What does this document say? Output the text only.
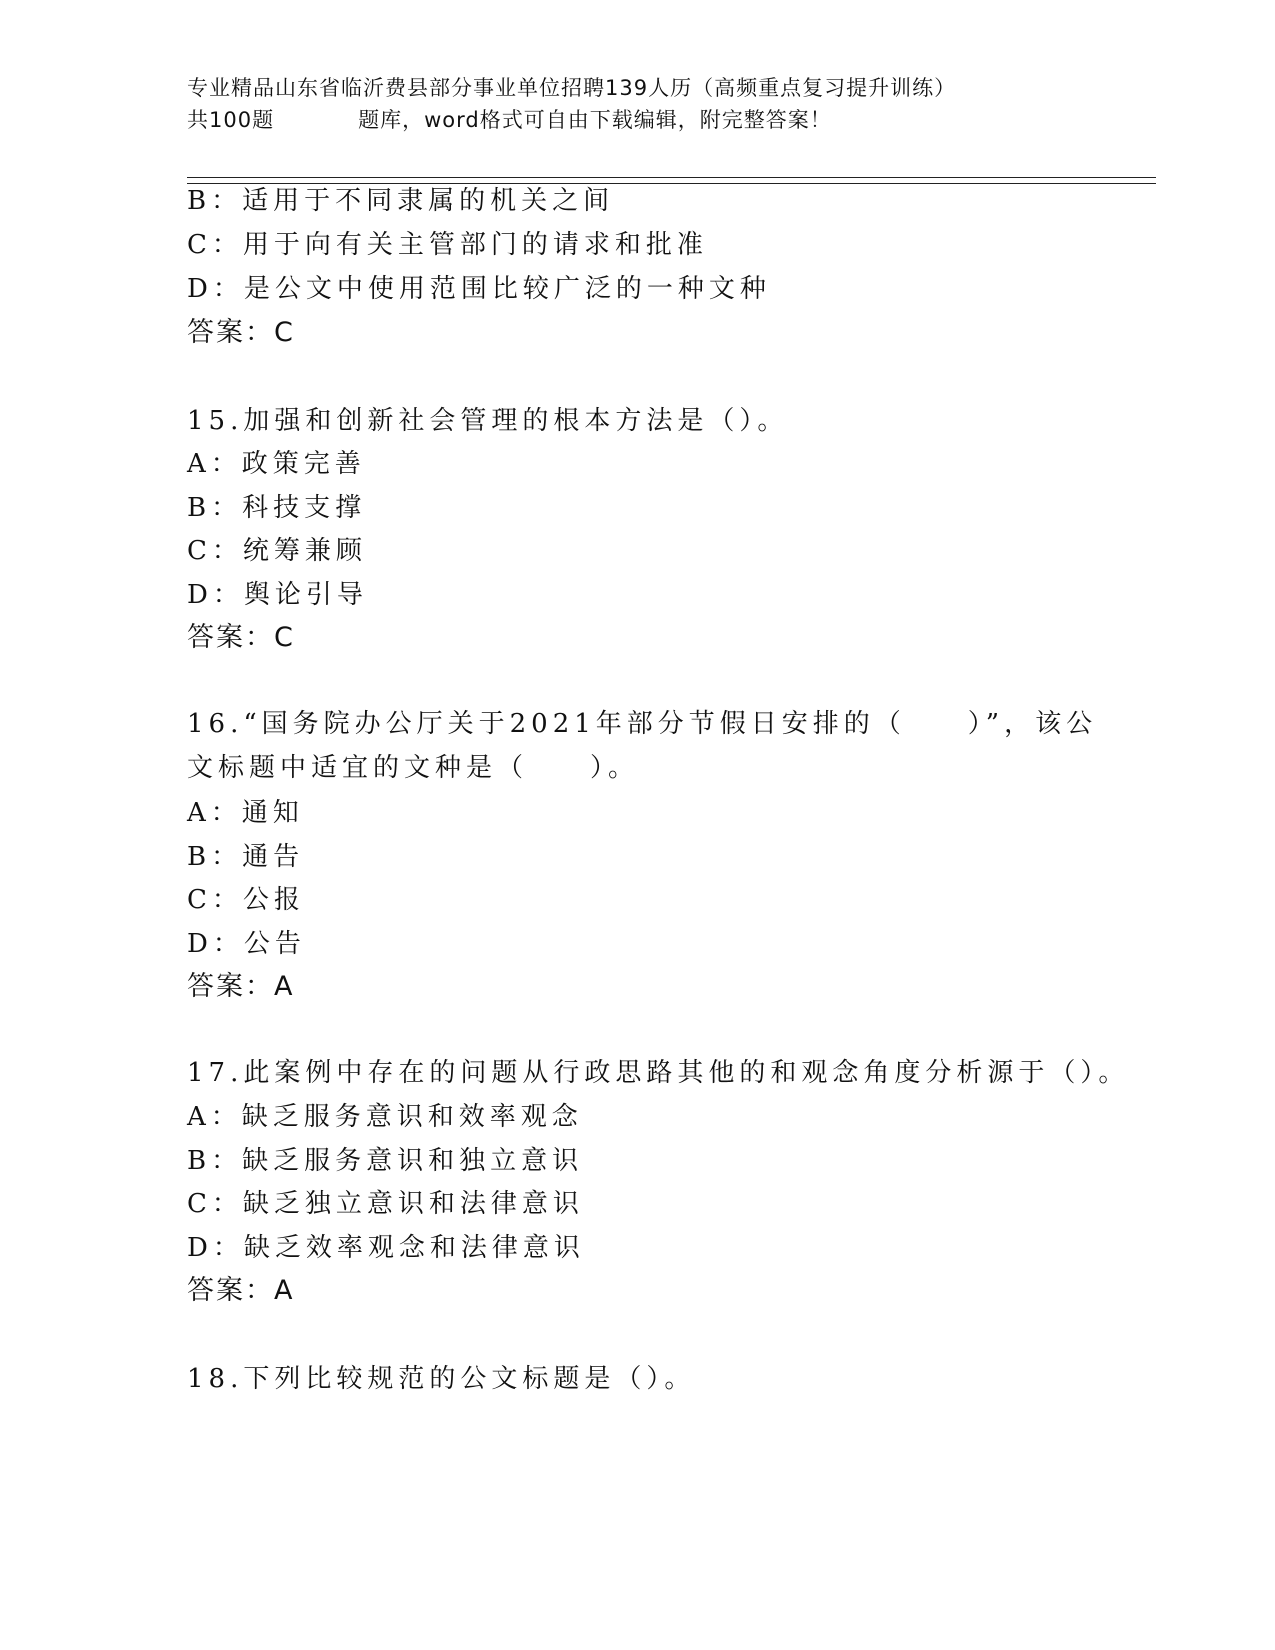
专业精品山东省临沂费县部分事业单位招聘139人历（高频重点复习提升训练）
共100题	题库，word格式可自由下载编辑，附完整答案！
B：适用于不同隶属的机关之间
C：用于向有关主管部门的请求和批准
D：是公文中使用范围比较广泛的一种文种
答案：C
15.加强和创新社会管理的根本方法是（）。
A：政策完善
B：科技支撑
C：统筹兼顾
D：舆论引导
答案：C
16.“国务院办公厅关于2021年部分节假日安排的（　　）”，该公
文标题中适宜的文种是（　　）。
A：通知
B：通告
C：公报
D：公告
答案：A
17.此案例中存在的问题从行政思路其他的和观念角度分析源于（）。
A：缺乏服务意识和效率观念
B：缺乏服务意识和独立意识
C：缺乏独立意识和法律意识
D：缺乏效率观念和法律意识
答案：A
18.下列比较规范的公文标题是（）。
